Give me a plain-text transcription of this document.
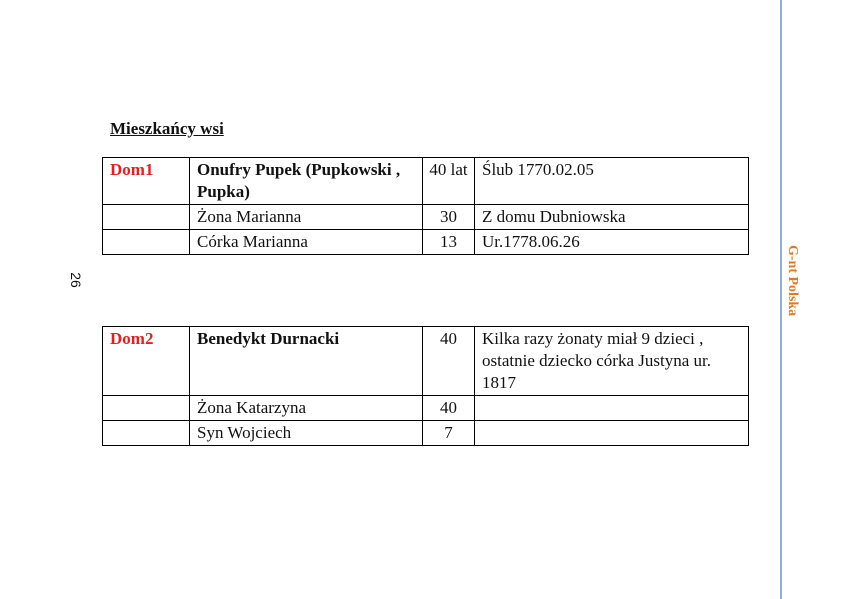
Mieszkańcy wsi
Dom1	Onufry Pupek (Pupkowski , Pupka)	40 lat	Ślub 1770.02.05
	Żona Marianna	30	Z domu Dubniowska
	Córka Marianna	13	Ur.1778.06.26
Dom2	Benedykt Durnacki	40	Kilka razy żonaty miał 9 dzieci , ostatnie dziecko córka Justyna ur. 1817
	Żona Katarzyna	40	
	Syn Wojciech	7	
26	G-nt Polska
